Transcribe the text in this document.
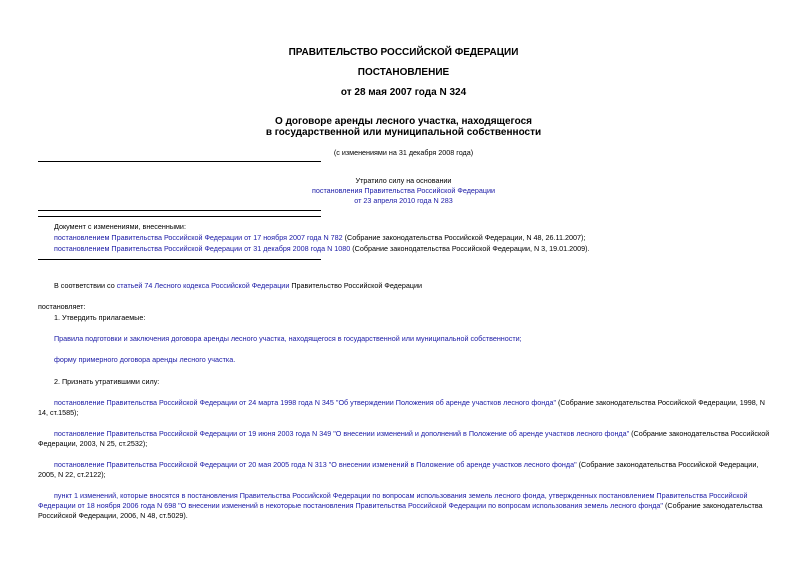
ПРАВИТЕЛЬСТВО РОССИЙСКОЙ ФЕДЕРАЦИИ
ПОСТАНОВЛЕНИЕ
от 28 мая 2007 года N 324
О договоре аренды лесного участка, находящегося
в государственной или муниципальной собственности
(с изменениями на 31 декабря 2008 года)
Утратило силу на основании
постановления Правительства Российской Федерации
от 23 апреля 2010 года N 283
Документ с изменениями, внесенными:
постановлением Правительства Российской Федерации от 17 ноября 2007 года N 782 (Собрание законодательства Российской Федерации, N 48, 26.11.2007);
постановлением Правительства Российской Федерации от 31 декабря 2008 года N 1080 (Собрание законодательства Российской Федерации, N 3, 19.01.2009).
В соответствии со статьей 74 Лесного кодекса Российской Федерации Правительство Российской Федерации
постановляет:
1. Утвердить прилагаемые:
Правила подготовки и заключения договора аренды лесного участка, находящегося в государственной или муниципальной собственности;
форму примерного договора аренды лесного участка.
2. Признать утратившими силу:
постановление Правительства Российской Федерации от 24 марта 1998 года N 345 "Об утверждении Положения об аренде участков лесного фонда" (Собрание законодательства Российской Федерации, 1998, N
14, ст.1585);
постановление Правительства Российской Федерации от 19 июня 2003 года N 349 "О внесении изменений и дополнений в Положение об аренде участков лесного фонда" (Собрание законодательства Российской
Федерации, 2003, N 25, ст.2532);
постановление Правительства Российской Федерации от 20 мая 2005 года N 313 "О внесении изменений в Положение об аренде участков лесного фонда" (Собрание законодательства Российской Федерации,
2005, N 22, ст.2122);
пункт 1 изменений, которые вносятся в постановления Правительства Российской Федерации по вопросам использования земель лесного фонда, утвержденных постановлением Правительства Российской
Федерации от 18 ноября 2006 года N 698 "О внесении изменений в некоторые постановления Правительства Российской Федерации по вопросам использования земель лесного фонда" (Собрание законодательства
Российской Федерации, 2006, N 48, ст.5029).
